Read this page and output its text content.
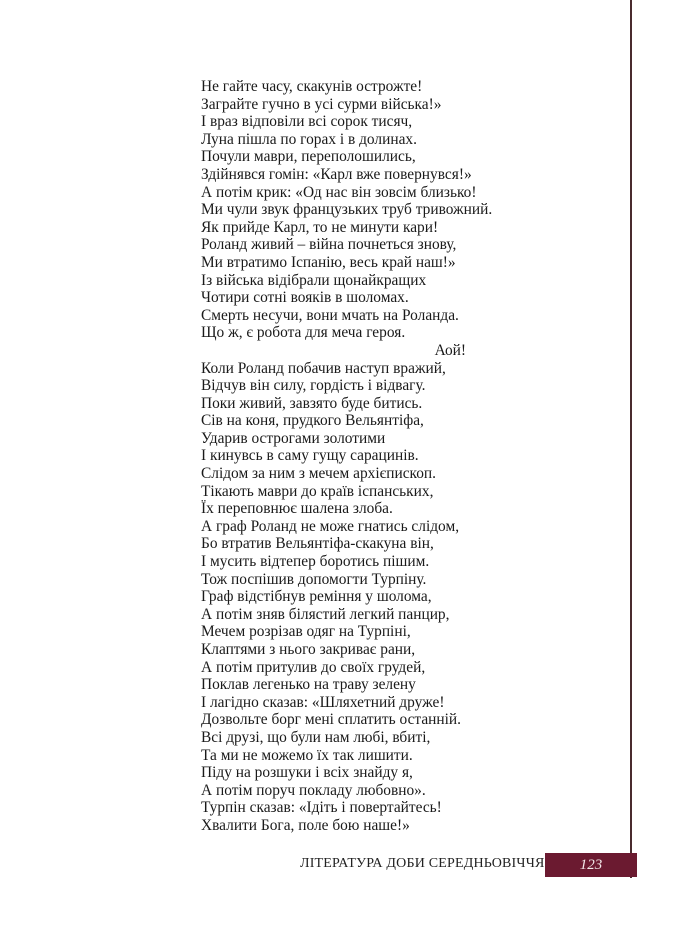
Не гайте часу, скакунів острожте!
Заграйте гучно в усі сурми війська!»
І враз відповіли всі сорок тисяч,
Луна пішла по горах і в долинах.
Почули маври, переполошились,
Здійнявся гомін: «Карл вже повернувся!»
А потім крик: «Од нас він зовсім близько!
Ми чули звук французьких труб тривожний.
Як прийде Карл, то не минути кари!
Роланд живий – війна почнеться знову,
Ми втратимо Іспанію, весь край наш!»
Із війська відібрали щонайкращих
Чотири сотні вояків в шоломах.
Смерть несучи, вони мчать на Роланда.
Що ж, є робота для меча героя.
Аой!
Коли Роланд побачив наступ вражий,
Відчув він силу, гордість і відвагу.
Поки живий, завзято буде битись.
Сів на коня, прудкого Вельянтіфа,
Ударив острогами золотими
І кинувсь в саму гущу сарацинів.
Слідом за ним з мечем архієпископ.
Тікають маври до країв іспанських,
Їх переповнює шалена злоба.
А граф Роланд не може гнатись слідом,
Бо втратив Вельянтіфа-скакуна він,
І мусить відтепер боротись пішим.
Тож поспішив допомогти Турпіну.
Граф відстібнув реміння у шолома,
А потім зняв білястий легкий панцир,
Мечем розрізав одяг на Турпіні,
Клаптями з нього закриває рани,
А потім притулив до своїх грудей,
Поклав легенько на траву зелену
І лагідно сказав: «Шляхетний друже!
Дозвольте борг мені сплатить останній.
Всі друзі, що були нам любі, вбиті,
Та ми не можемо їх так лишити.
Піду на розшуки і всіх знайду я,
А потім поруч покладу любовно».
Турпін сказав: «Ідіть і повертайтесь!
Хвалити Бога, поле бою наше!»
ЛІТЕРАТУРА ДОБИ СЕРЕДНЬОВІЧЧЯ	123
